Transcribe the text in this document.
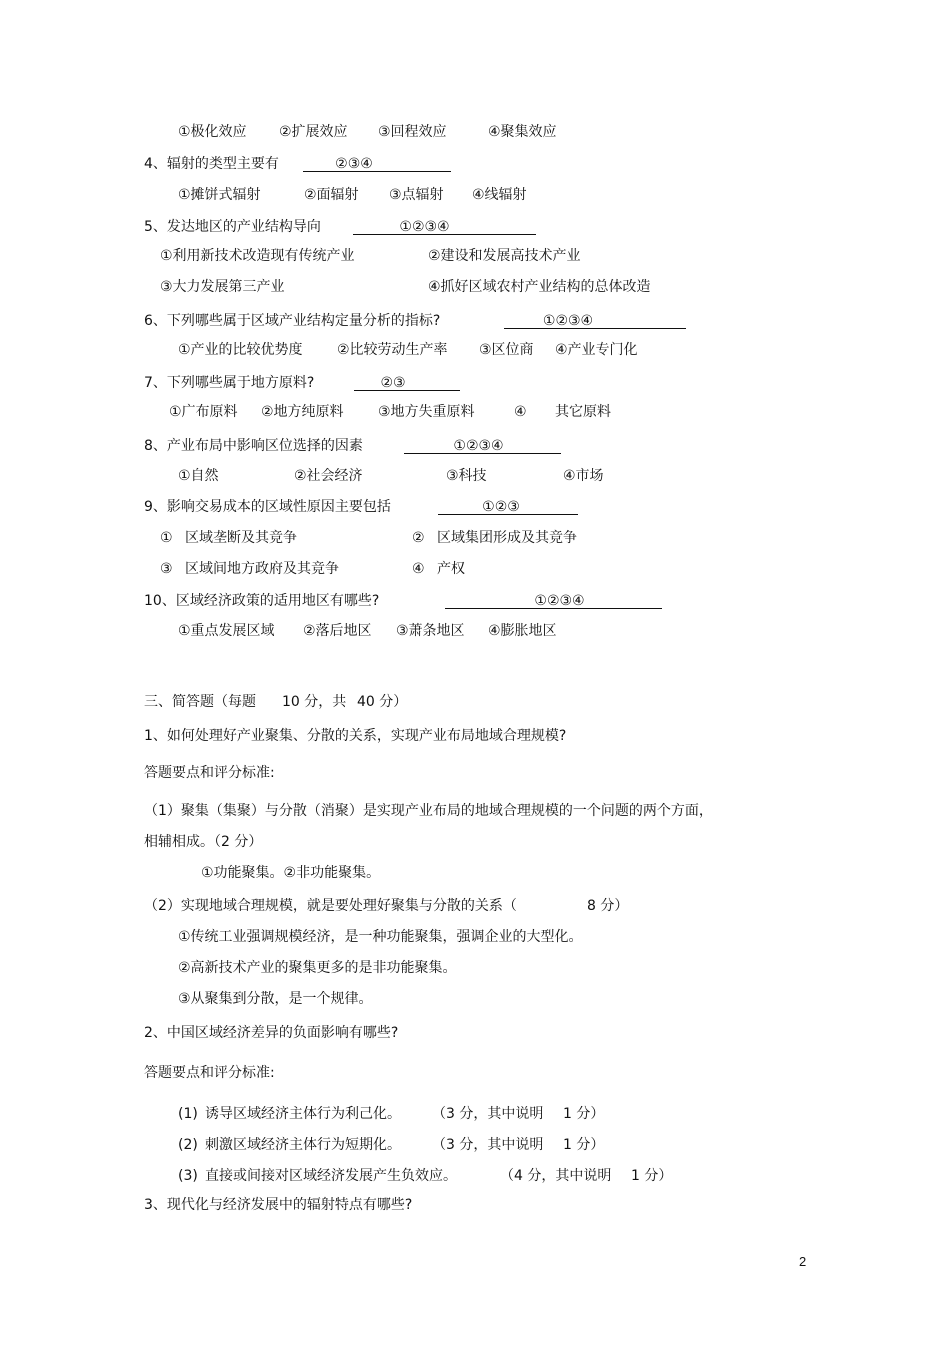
①极化效应 ②扩展效应 ③回程效应	④聚集效应
4、辐射的类型主要有	②③④
①摊饼式辐射	②面辐射 ③点辐射 ④线辐射
5、发达地区的产业结构导向	①②③④
①利用新技术改造现有传统产业	②建设和发展高技术产业
③大力发展第三产业	④抓好区域农村产业结构的总体改造
6、下列哪些属于区域产业结构定量分析的指标?	①②③④
①产业的比较优势度 ②比较劳动生产率 ③区位商 ④产业专门化
7、下列哪些属于地方原料?	②③
①广布原料 ②地方纯原料 ③地方失重原料	④ 其它原料
8、产业布局中影响区位选择的因素	①②③④
①自然	②社会经济	③科技	④市场
9、影响交易成本的区域性原因主要包括	①②③
① 区域垄断及其竞争	② 区域集团形成及其竞争
③ 区域间地方政府及其竞争	④ 产权
10、区域经济政策的适用地区有哪些?	①②③④
①重点发展区域 ②落后地区 ③萧条地区 ④膨胀地区
三、简答题（每题 10 分，共 40 分）
1、如何处理好产业聚集、分散的关系，实现产业布局地域合理规模?
答题要点和评分标准:
（1）聚集（集聚）与分散（消聚）是实现产业布局的地域合理规模的一个问题的两个方面，
相辅相成。（2 分）
①功能聚集。②非功能聚集。
（2）实现地域合理规模，就是要处理好聚集与分散的关系（	8 分）
①传统工业强调规模经济，是一种功能聚集，强调企业的大型化。
②高新技术产业的聚集更多的是非功能聚集。
③从聚集到分散，是一个规律。
2、中国区域经济差异的负面影响有哪些?
答题要点和评分标准:
(1) 诱导区域经济主体行为利己化。 （3 分，其中说明 1 分）
(2) 刺激区域经济主体行为短期化。 （3 分，其中说明 1 分）
(3) 直接或间接对区域经济发展产生负效应。	（4 分，其中说明 1 分）
3、现代化与经济发展中的辐射特点有哪些?
2
